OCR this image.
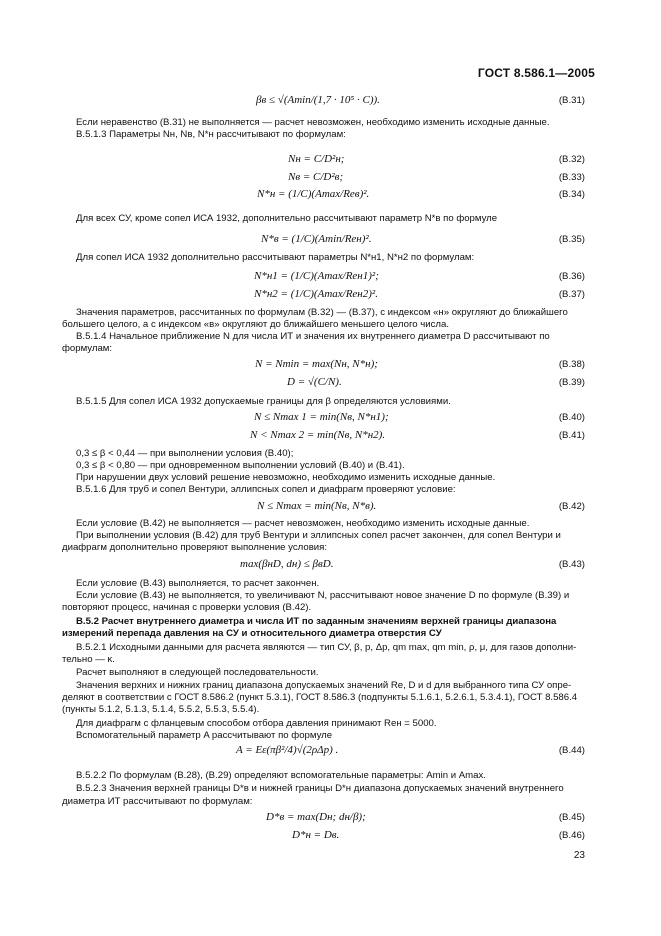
ГОСТ 8.586.1—2005
βв ≤ √(Amin/(1,7 · 10⁵ · C)).	(В.31)
Если неравенство (В.31) не выполняется — расчет невозможен, необходимо изменить исходные данные.
В.5.1.3 Параметры Nн, Nв, N*н рассчитывают по формулам:
Nн = C/D²н;	(В.32)
Nв = C/D²в;	(В.33)
N*н = (1/C)(Amax/Reв)².	(В.34)
Для всех СУ, кроме сопел ИСА 1932, дополнительно рассчитывают параметр N*в по формуле
N*в = (1/C)(Amin/Reн)².	(В.35)
Для сопел ИСА 1932 дополнительно рассчитывают параметры N*н1, N*н2 по формулам:
N*н1 = (1/C)(Amax/Reн1)²;	(В.36)
N*н2 = (1/C)(Amax/Reн2)².	(В.37)
Значения параметров, рассчитанных по формулам (В.32) — (В.37), с индексом «н» округляют до ближайшего
большего целого, а с индексом «в» округляют до ближайшего меньшего целого числа.
В.5.1.4 Начальное приближение N для числа ИТ и значения их внутреннего диаметра D рассчитывают по
формулам:
N = Nmin = max(Nн, N*н);	(В.38)
D = √(C/N).	(В.39)
В.5.1.5 Для сопел ИСА 1932 допускаемые границы для β определяются условиями.
N ≤ Nmax 1 = min(Nв, N*н1);	(В.40)
N < Nmax 2 = min(Nв, N*н2).	(В.41)
0,3 ≤ β < 0,44 — при выполнении условия (В.40);
0,3 ≤ β < 0,80 — при одновременном выполнении условий (В.40) и (В.41).
При нарушении двух условий решение невозможно, необходимо изменить исходные данные.
В.5.1.6 Для труб и сопел Вентури, эллипсных сопел и диафрагм проверяют условие:
N ≤ Nmax = min(Nв, N*в).	(В.42)
Если условие (В.42) не выполняется — расчет невозможен, необходимо изменить исходные данные.
При выполнении условия (В.42) для труб Вентури и эллипсных сопел расчет закончен, для сопел Вентури и
диафрагм дополнительно проверяют выполнение условия:
max(βнD, dн) ≤ βвD.	(В.43)
Если условие (В.43) выполняется, то расчет закончен.
Если условие (В.43) не выполняется, то увеличивают N, рассчитывают новое значение D по формуле (В.39) и
повторяют процесс, начиная с проверки условия (В.42).
В.5.2 Расчет внутреннего диаметра и числа ИТ по заданным значениям верхней границы диапазона
измерений перепада давления на СУ и относительного диаметра отверстия СУ
В.5.2.1 Исходными данными для расчета являются — тип СУ, β, p, Δp, qm max, qm min, ρ, μ, для газов дополни-
тельно — κ.
Расчет выполняют в следующей последовательности.
Значения верхних и нижних границ диапазона допускаемых значений Re, D и d для выбранного типа СУ опре-
деляют в соответствии с ГОСТ 8.586.2 (пункт 5.3.1), ГОСТ 8.586.3 (подпункты 5.1.6.1, 5.2.6.1, 5.3.4.1), ГОСТ 8.586.4
(пункты 5.1.2, 5.1.3, 5.1.4, 5.5.2, 5.5.3, 5.5.4).
Для диафрагм с фланцевым способом отбора давления принимают Reн = 5000.
Вспомогательный параметр A рассчитывают по формуле
A = Eε(πβ²/4)√(2ρΔp) .	(В.44)
В.5.2.2 По формулам (В.28), (В.29) определяют вспомогательные параметры: Amin и Amax.
В.5.2.3 Значения верхней границы D*в и нижней границы D*н диапазона допускаемых значений внутреннего
диаметра ИТ рассчитывают по формулам:
D*в = max(Dн; dн/β);	(В.45)
D*н = Dв.	(В.46)
23
